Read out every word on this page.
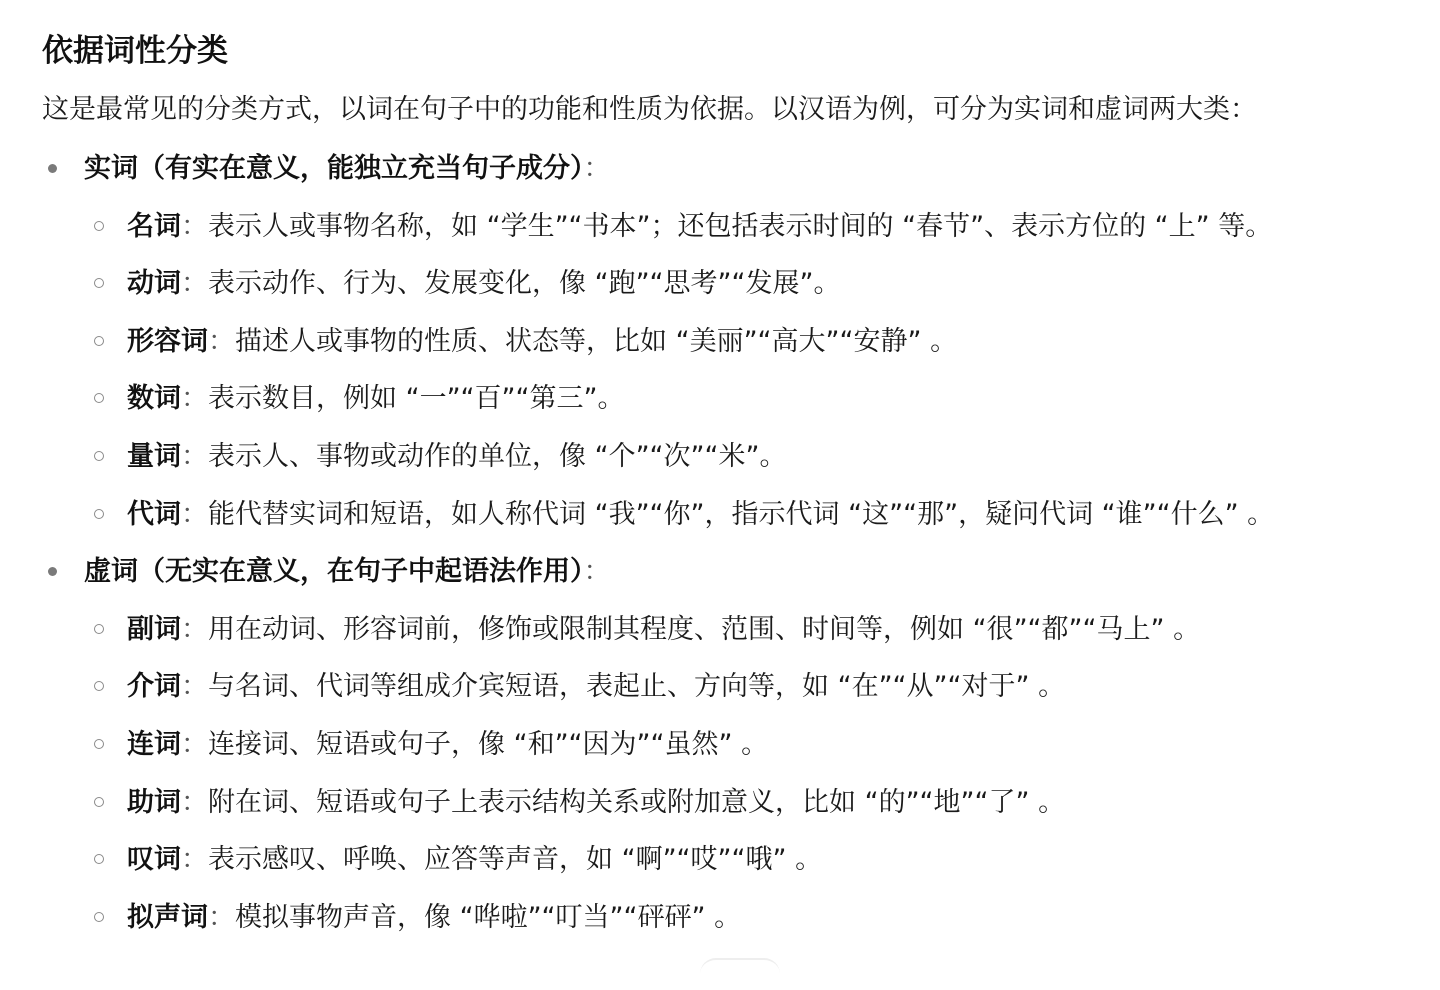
依据词性分类

这是最常见的分类方式，以词在句子中的功能和性质为依据。以汉语为例，可分为实词和虚词两大类：

实词（有实在意义，能独立充当句子成分）：
名词：表示人或事物名称，如 “学生”“书本”；还包括表示时间的 “春节”、表示方位的 “上” 等。
动词：表示动作、行为、发展变化，像 “跑”“思考”“发展”。
形容词：描述人或事物的性质、状态等，比如 “美丽”“高大”“安静” 。
数词：表示数目，例如 “一”“百”“第三”。
量词：表示人、事物或动作的单位，像 “个”“次”“米”。
代词：能代替实词和短语，如人称代词 “我”“你”，指示代词 “这”“那”，疑问代词 “谁”“什么” 。
虚词（无实在意义，在句子中起语法作用）：
副词：用在动词、形容词前，修饰或限制其程度、范围、时间等，例如 “很”“都”“马上” 。
介词：与名词、代词等组成介宾短语，表起止、方向等，如 “在”“从”“对于” 。
连词：连接词、短语或句子，像 “和”“因为”“虽然” 。
助词：附在词、短语或句子上表示结构关系或附加意义，比如 “的”“地”“了” 。
叹词：表示感叹、呼唤、应答等声音，如 “啊”“哎”“哦” 。
拟声词：模拟事物声音，像 “哗啦”“叮当”“砰砰” 。
